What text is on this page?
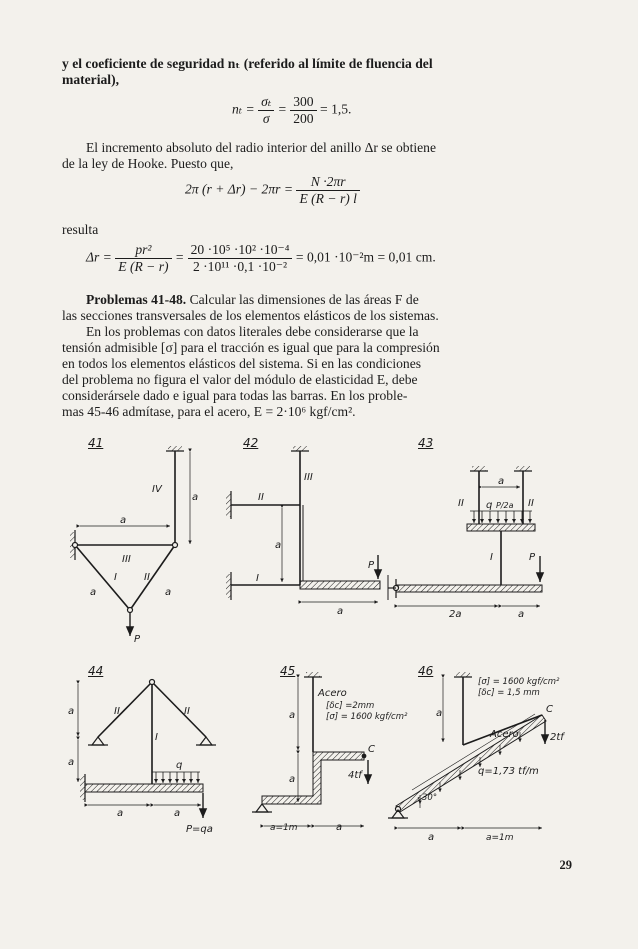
y el coeficiente de seguridad nₜ (referido al límite de fluencia del
material),
$n_t = \frac{\text{σₜ}}{\sigma} = \frac{300}{200} = 1,5$.
El incremento absoluto del radio interior del anillo Δr se obtiene
de la ley de Hooke. Puesto que,
2π $(r + \Delta r) - 2\pi r = \frac{N \cdot 2\pi r}{E (R - r) l}$
resulta
$\Delta r = \frac{\text{pr²}}{E (R - r)} = \frac{\text{20 ·10⁵ ·10² ·10⁻⁴}}{\text{2 ·10¹¹ ·0,1 ·10⁻²}} = 0,01 \cdot 10^{-2}m = 0,01$ cm.
Problemas 41-48. Calcular las dimensiones de las áreas F de
las secciones transversales de los elementos elásticos de los sistemas.
En los problemas con datos literales debe considerarse que la
tensión admisible [σ] para el tracción es igual que para la compresión
en todos los elementos elásticos del sistema. Si en las condiciones
del problema no figura el valor del módulo de elasticidad E, debe
considerársele dado e igual para todas las barras. En los proble-
mas 45-46 admítase, para el acero, E = 2·10⁶ kgf/cm².
41	42	43
44	45	46
IV
a
a
III
I	II
a	a
P
III
II
a
P
I
a
a
II q P/2a II
I	P
2a	a
a
a
II	II
I
q
a	a
P=qa
Acero
[δᴄ] =2mm
[σ] = 1600 kgf/cm²
a
a
C
4tf
a=1m	a
[σ] = 1600 kgf/cm²
[δᴄ] = 1,5 mm
C
Acero	2tf
a
q=1,73 tf/m
30°
a	a=1m
29
